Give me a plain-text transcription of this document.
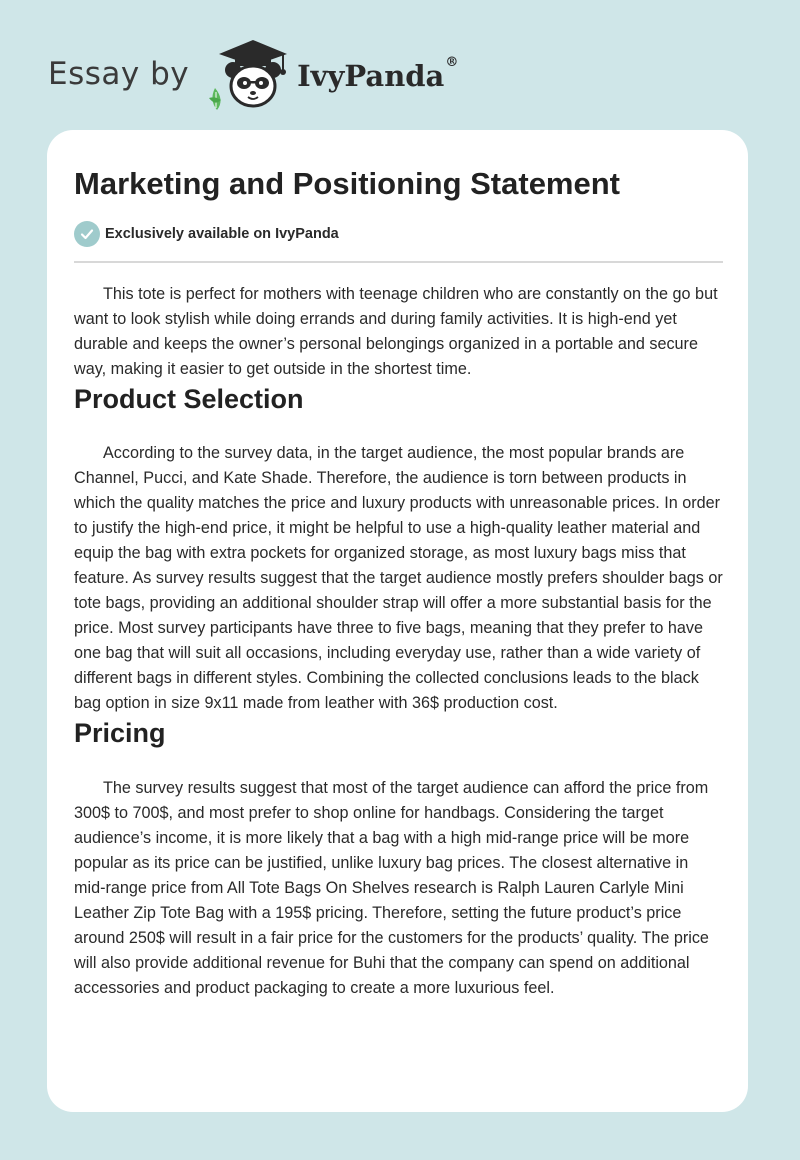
Essay by	IvyPanda®
Marketing and Positioning Statement
Exclusively available on IvyPanda

This tote is perfect for mothers with teenage children who are constantly on the go but want to look stylish while doing errands and during family activities. It is high-end yet durable and keeps the owner’s personal belongings organized in a portable and secure way, making it easier to get outside in the shortest time.

Product Selection

According to the survey data, in the target audience, the most popular brands are Channel, Pucci, and Kate Shade. Therefore, the audience is torn between products in which the quality matches the price and luxury products with unreasonable prices. In order to justify the high-end price, it might be helpful to use a high-quality leather material and equip the bag with extra pockets for organized storage, as most luxury bags miss that feature. As survey results suggest that the target audience mostly prefers shoulder bags or tote bags, providing an additional shoulder strap will offer a more substantial basis for the price. Most survey participants have three to five bags, meaning that they prefer to have one bag that will suit all occasions, including everyday use, rather than a wide variety of different bags in different styles. Combining the collected conclusions leads to the black bag option in size 9x11 made from leather with 36$ production cost.

Pricing

The survey results suggest that most of the target audience can afford the price from 300$ to 700$, and most prefer to shop online for handbags. Considering the target audience’s income, it is more likely that a bag with a high mid-range price will be more popular as its price can be justified, unlike luxury bag prices. The closest alternative in mid-range price from All Tote Bags On Shelves research is Ralph Lauren Carlyle Mini Leather Zip Tote Bag with a 195$ pricing. Therefore, setting the future product’s price around 250$ will result in a fair price for the customers for the products’ quality. The price will also provide additional revenue for Buhi that the company can spend on additional accessories and product packaging to create a more luxurious feel.
